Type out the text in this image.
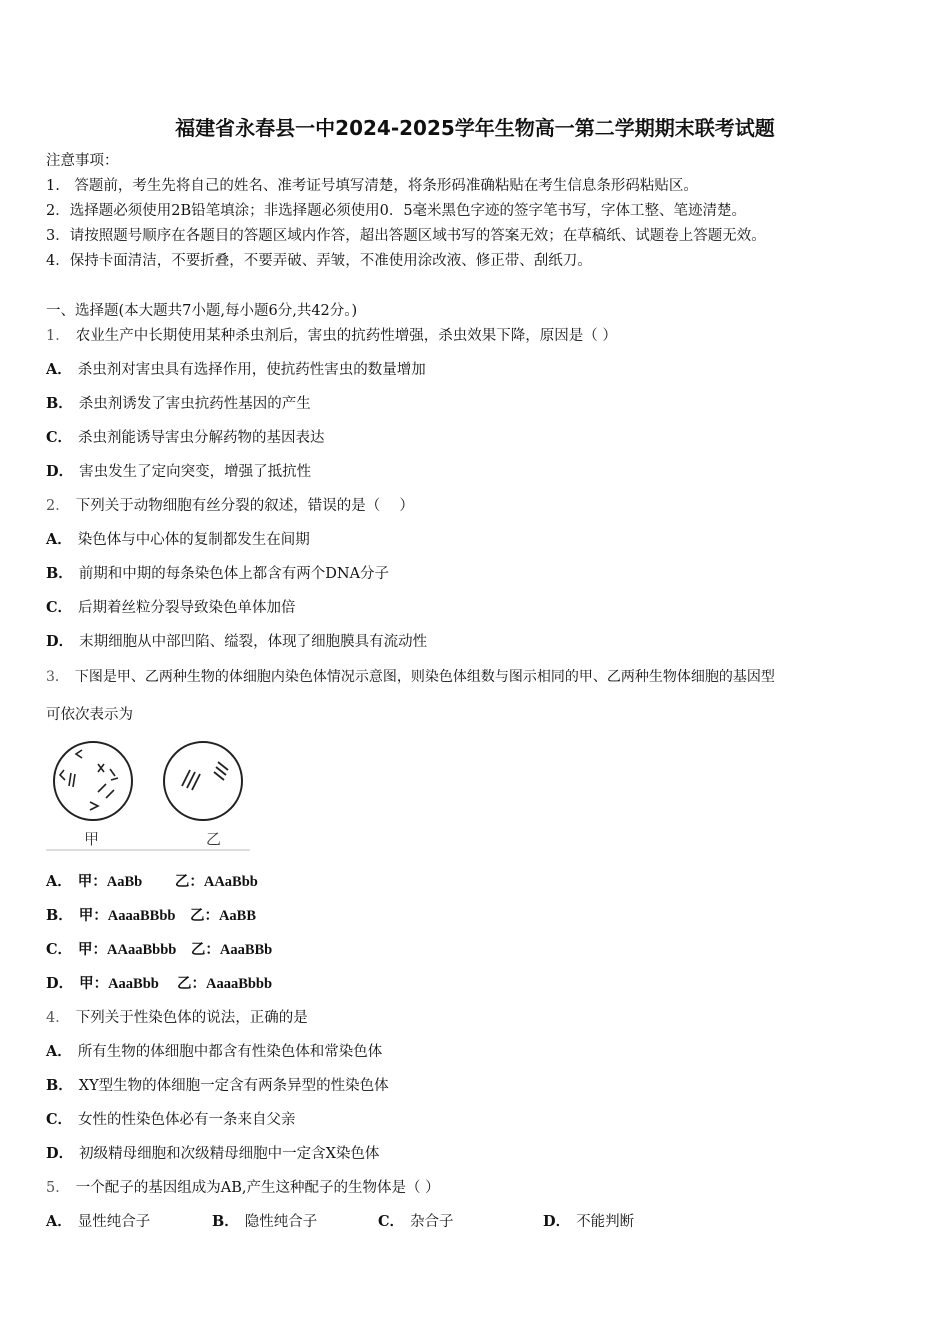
福建省永春县一中2024-2025学年生物高一第二学期期末联考试题
注意事项：
1.　答题前，考生先将自己的姓名、准考证号填写清楚，将条形码准确粘贴在考生信息条形码粘贴区。
2．选择题必须使用2B铅笔填涂；非选择题必须使用0．5毫米黑色字迹的签字笔书写，字体工整、笔迹清楚。
3．请按照题号顺序在各题目的答题区域内作答，超出答题区域书写的答案无效；在草稿纸、试题卷上答题无效。
4．保持卡面清洁，不要折叠，不要弄破、弄皱，不准使用涂改液、修正带、刮纸刀。
一、选择题(本大题共7小题,每小题6分,共42分。)
1． 农业生产中长期使用某种杀虫剂后，害虫的抗药性增强，杀虫效果下降，原因是（ ）
A． 杀虫剂对害虫具有选择作用，使抗药性害虫的数量增加
B． 杀虫剂诱发了害虫抗药性基因的产生
C． 杀虫剂能诱导害虫分解药物的基因表达
D． 害虫发生了定向突变，增强了抵抗性
2． 下列关于动物细胞有丝分裂的叙述，错误的是（　 ）
A． 染色体与中心体的复制都发生在间期
B． 前期和中期的每条染色体上都含有两个DNA分子
C． 后期着丝粒分裂导致染色单体加倍
D． 末期细胞从中部凹陷、缢裂，体现了细胞膜具有流动性
3． 下图是甲、乙两种生物的体细胞内染色体情况示意图，则染色体组数与图示相同的甲、乙两种生物体细胞的基因型
可依次表示为
甲	乙
A． 甲：AaBb　　 乙：AAaBbb
B． 甲：AaaaBBbb　乙：AaBB
C． 甲：AAaaBbbb　乙：AaaBBb
D． 甲：AaaBbb　 乙：AaaaBbbb
4． 下列关于性染色体的说法，正确的是
A． 所有生物的体细胞中都含有性染色体和常染色体
B． XY型生物的体细胞一定含有两条异型的性染色体
C． 女性的性染色体必有一条来自父亲
D． 初级精母细胞和次级精母细胞中一定含X染色体
5． 一个配子的基因组成为AB,产生这种配子的生物体是（ ）
A． 显性纯合子	B． 隐性纯合子	C． 杂合子	D． 不能判断
